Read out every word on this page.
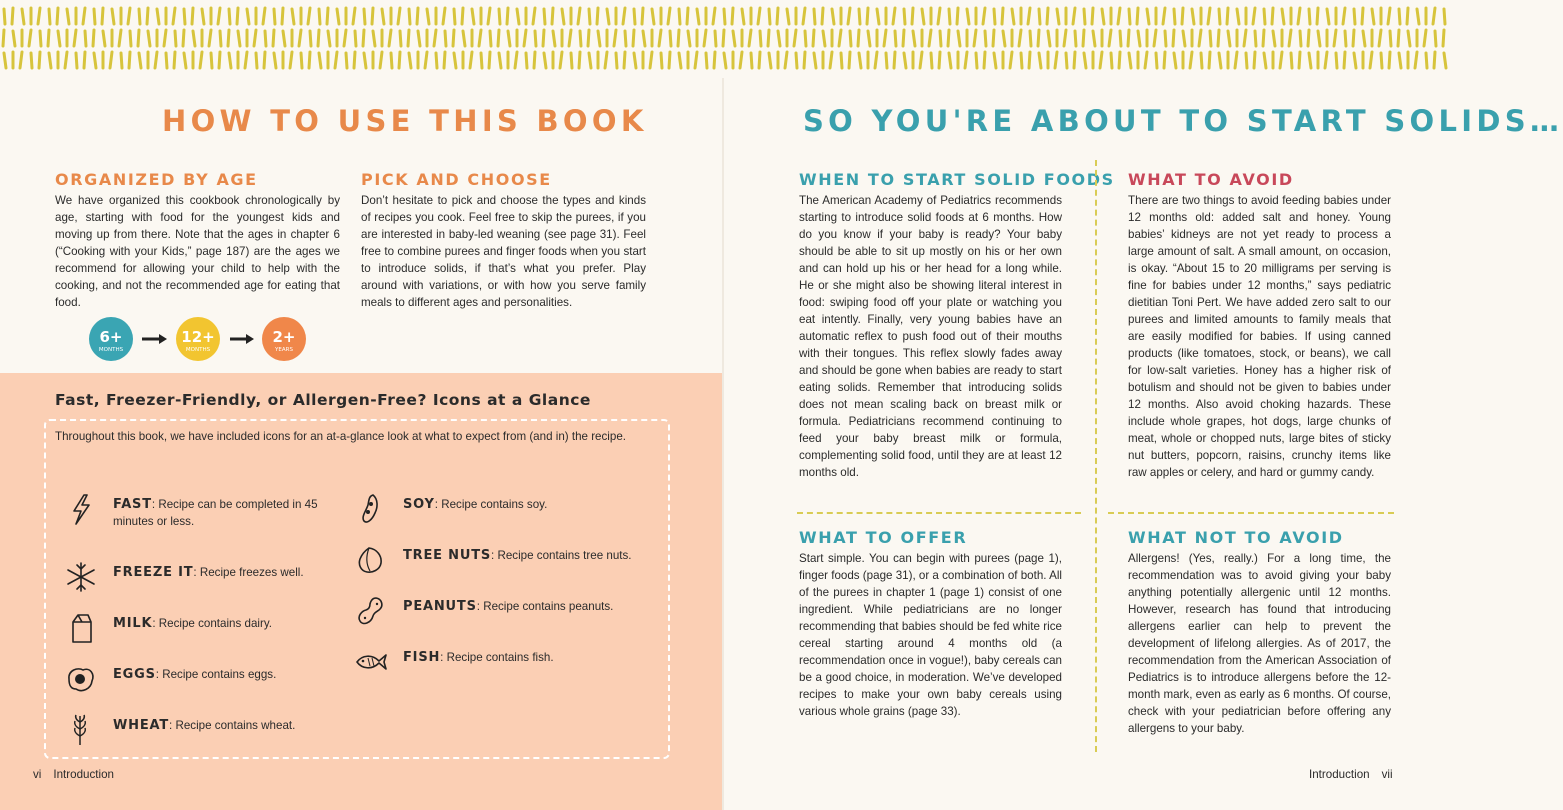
HOW TO USE THIS BOOK
ORGANIZED BY AGE

We have organized this cookbook chronologically by age, starting with food for the youngest kids and moving up from there. Note that the ages in chapter 6 (“Cooking with your Kids,” page 187) are the ages we recommend for allowing your child to help with the cooking, and not the recommended age for eating that food.

PICK AND CHOOSE

Don’t hesitate to pick and choose the types and kinds of recipes you cook. Feel free to skip the purees, if you are interested in baby-led weaning (see page 31). Feel free to combine purees and finger foods when you start to introduce solids, if that’s what you prefer. Play around with variations, or with how you serve family meals to different ages and personalities.

6+
MONTHS
12+
MONTHS
2+
YEARS
Fast, Freezer-Friendly, or Allergen-Free? Icons at a Glance

Throughout this book, we have included icons for an at-a-glance look at what to expect from (and in) the recipe.

FAST: Recipe can be completed in 45 minutes or less.
FREEZE IT: Recipe freezes well.
MILK: Recipe contains dairy.
EGGS: Recipe contains eggs.
WHEAT: Recipe contains wheat.
SOY: Recipe contains soy.
TREE NUTS: Recipe contains tree nuts.
PEANUTS: Recipe contains peanuts.
FISH: Recipe contains fish.
vi Introduction
SO YOU'RE ABOUT TO START SOLIDS…
WHEN TO START SOLID FOODS

The American Academy of Pediatrics recommends starting to introduce solid foods at 6 months. How do you know if your baby is ready? Your baby should be able to sit up mostly on his or her own and can hold up his or her head for a long while. He or she might also be showing literal interest in food: swiping food off your plate or watching you eat intently. Finally, very young babies have an automatic reflex to push food out of their mouths with their tongues. This reflex slowly fades away and should be gone when babies are ready to start eating solids. Remember that introducing solids does not mean scaling back on breast milk or formula. Pediatricians recommend continuing to feed your baby breast milk or formula, complementing solid food, until they are at least 12 months old.

WHAT TO AVOID

There are two things to avoid feeding babies under 12 months old: added salt and honey. Young babies’ kidneys are not yet ready to process a large amount of salt. A small amount, on occasion, is okay. “About 15 to 20 milligrams per serving is fine for babies under 12 months,” says pediatric dietitian Toni Pert. We have added zero salt to our purees and limited amounts to family meals that are easily modified for babies. If using canned products (like tomatoes, stock, or beans), we call for low-salt varieties. Honey has a higher risk of botulism and should not be given to babies under 12 months. Also avoid choking hazards. These include whole grapes, hot dogs, large chunks of meat, whole or chopped nuts, large bites of sticky nut butters, popcorn, raisins, crunchy items like raw apples or celery, and hard or gummy candy.

WHAT TO OFFER

Start simple. You can begin with purees (page 1), finger foods (page 31), or a combination of both. All of the purees in chapter 1 (page 1) consist of one ingredient. While pediatricians are no longer recommending that babies should be fed white rice cereal starting around 4 months old (a recommendation once in vogue!), baby cereals can be a good choice, in moderation. We’ve developed recipes to make your own baby cereals using various whole grains (page 33).

WHAT NOT TO AVOID

Allergens! (Yes, really.) For a long time, the recommendation was to avoid giving your baby anything potentially allergenic until 12 months. However, research has found that introducing allergens earlier can help to prevent the development of lifelong allergies. As of 2017, the recommendation from the American Association of Pediatrics is to introduce allergens before the 12-month mark, even as early as 6 months. Of course, check with your pediatrician before offering any allergens to your baby.

Introduction vii
